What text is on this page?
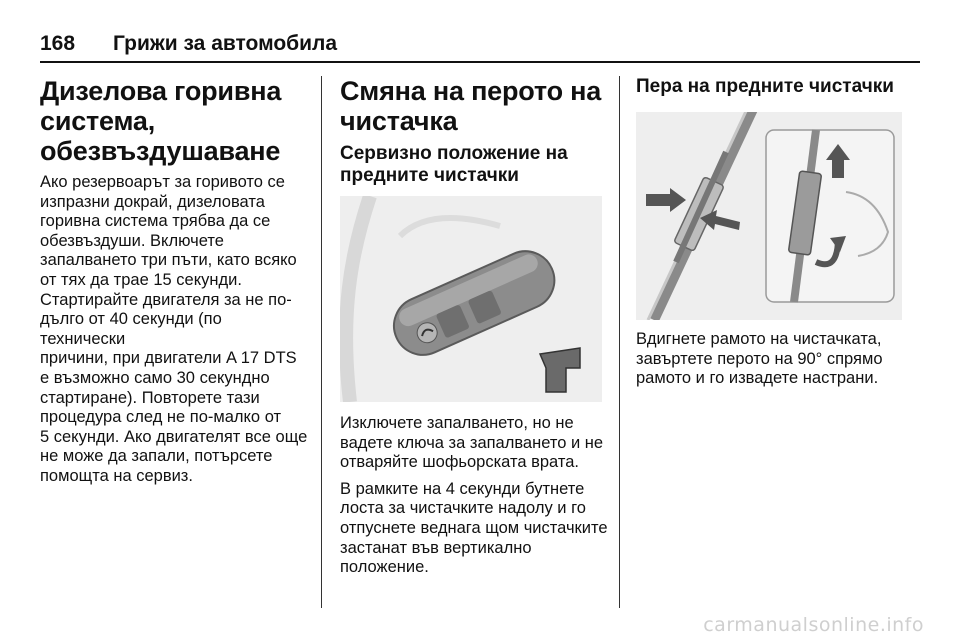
168 Грижи за автомобила
Дизелова горивна
система,
обезвъздушаване

Ако резервоарът за горивото се
изпразни докрай, дизеловата
горивна система трябва да се
обезвъздуши. Включете
запалването три пъти, като всяко
от тях да трае 15 секунди.
Стартирайте двигателя за не по-
дълго от 40 секунди (по технически
причини, при двигатели A 17 DTS
е възможно само 30 секундно
стартиране). Повторете тази
процедура след не по-малко от
5 секунди. Ако двигателят все още
не може да запали, потърсете
помощта на сервиз.

Смяна на перото на
чистачка
Сервизно положение на
предните чистачки

Изключете запалването, но не
вадете ключа за запалването и не
отваряйте шофьорската врата.

В рамките на 4 секунди бутнете
лоста за чистачките надолу и го
отпуснете веднага щом чистачките
застанат във вертикално
положение.

Пера на предните чистачки

Вдигнете рамото на чистачката,
завъртете перото на 90° спрямо
рамото и го извадете настрани.

carmanualsonline.info
